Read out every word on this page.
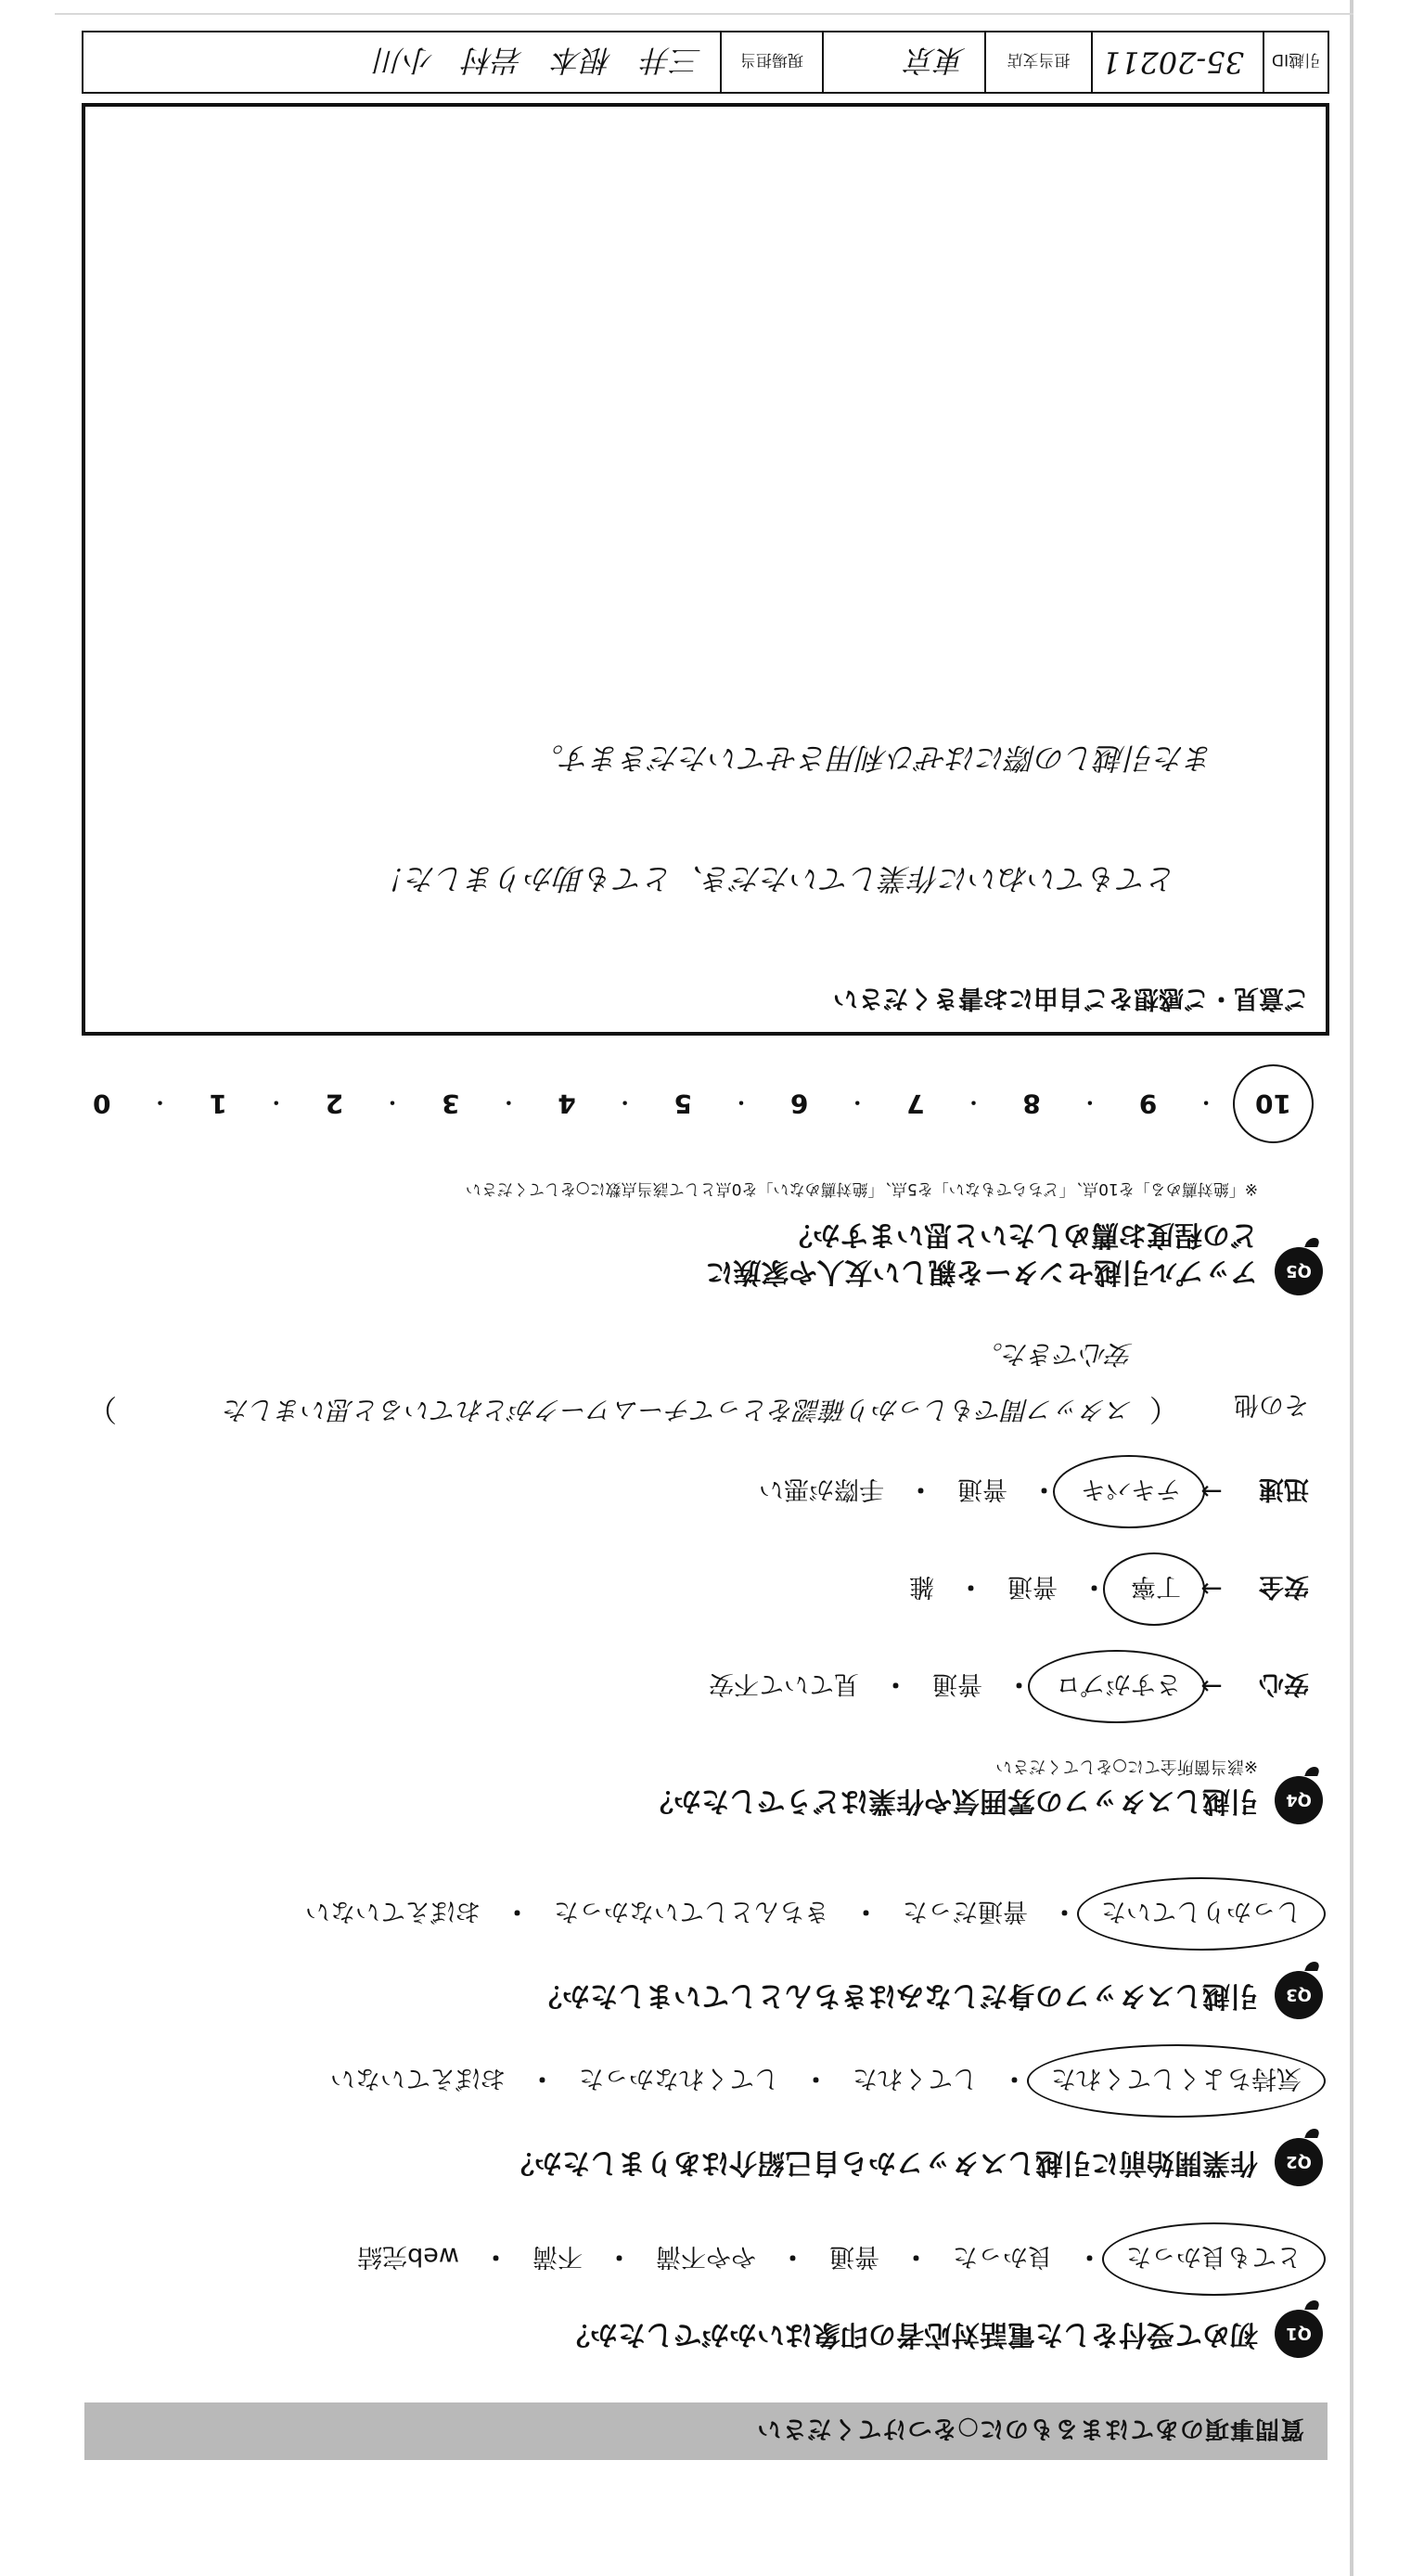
質問事項のあてはまるものに○をつけてください
Q1
初めて受付をした電話対応者の印象はいかがでしたか？
とても良かった
・
良かった
・
普通
・
やや不満
・
不満
・
web完結
Q2
作業開始前に引越しスタッフから自己紹介はありましたか？
気持ちよくしてくれた
・
してくれた
・
してくれなかった
・
おぼえていない
Q3
引越しスタッフの身だしなみはきちんとしていましたか？
しっかりしていた
・
普通だった
・
きちんとしていなかった
・
おぼえていない
Q4
引越しスタッフの雰囲気や作業はどうでしたか？
※該当箇所全てに○をしてください
安心
→
さすがプロ
・
普通
・
見ていて不安
安全
→
丁寧
・
普通
・
雑
迅速
→
テキパキ
・
普通
・
手際が悪い
その他
（
）	スタッフ間でもしっかり確認をとってチームワークがとれていると思いました
安心できた。
Q5
アップル引越センターを親しい友人や家族に
どの程度お薦めしたいと思いますか？
※「絶対薦める」を10点、「どちらでもない」を5点、「絶対薦めない」を0点として該当点数に○をしてください
10
・
9
・
8
・
7
・
6
・
5
・
4
・
3
・
2
・
1
・
0
ご意見・ご感想をご自由にお書きください
とてもていねいに作業していただき、とても助かりました！
また引越しの際にはぜひ利用させていただきます。
引越ID
35-20211
担当支店
東京
現場担当
三井　根本　岩村　小川
